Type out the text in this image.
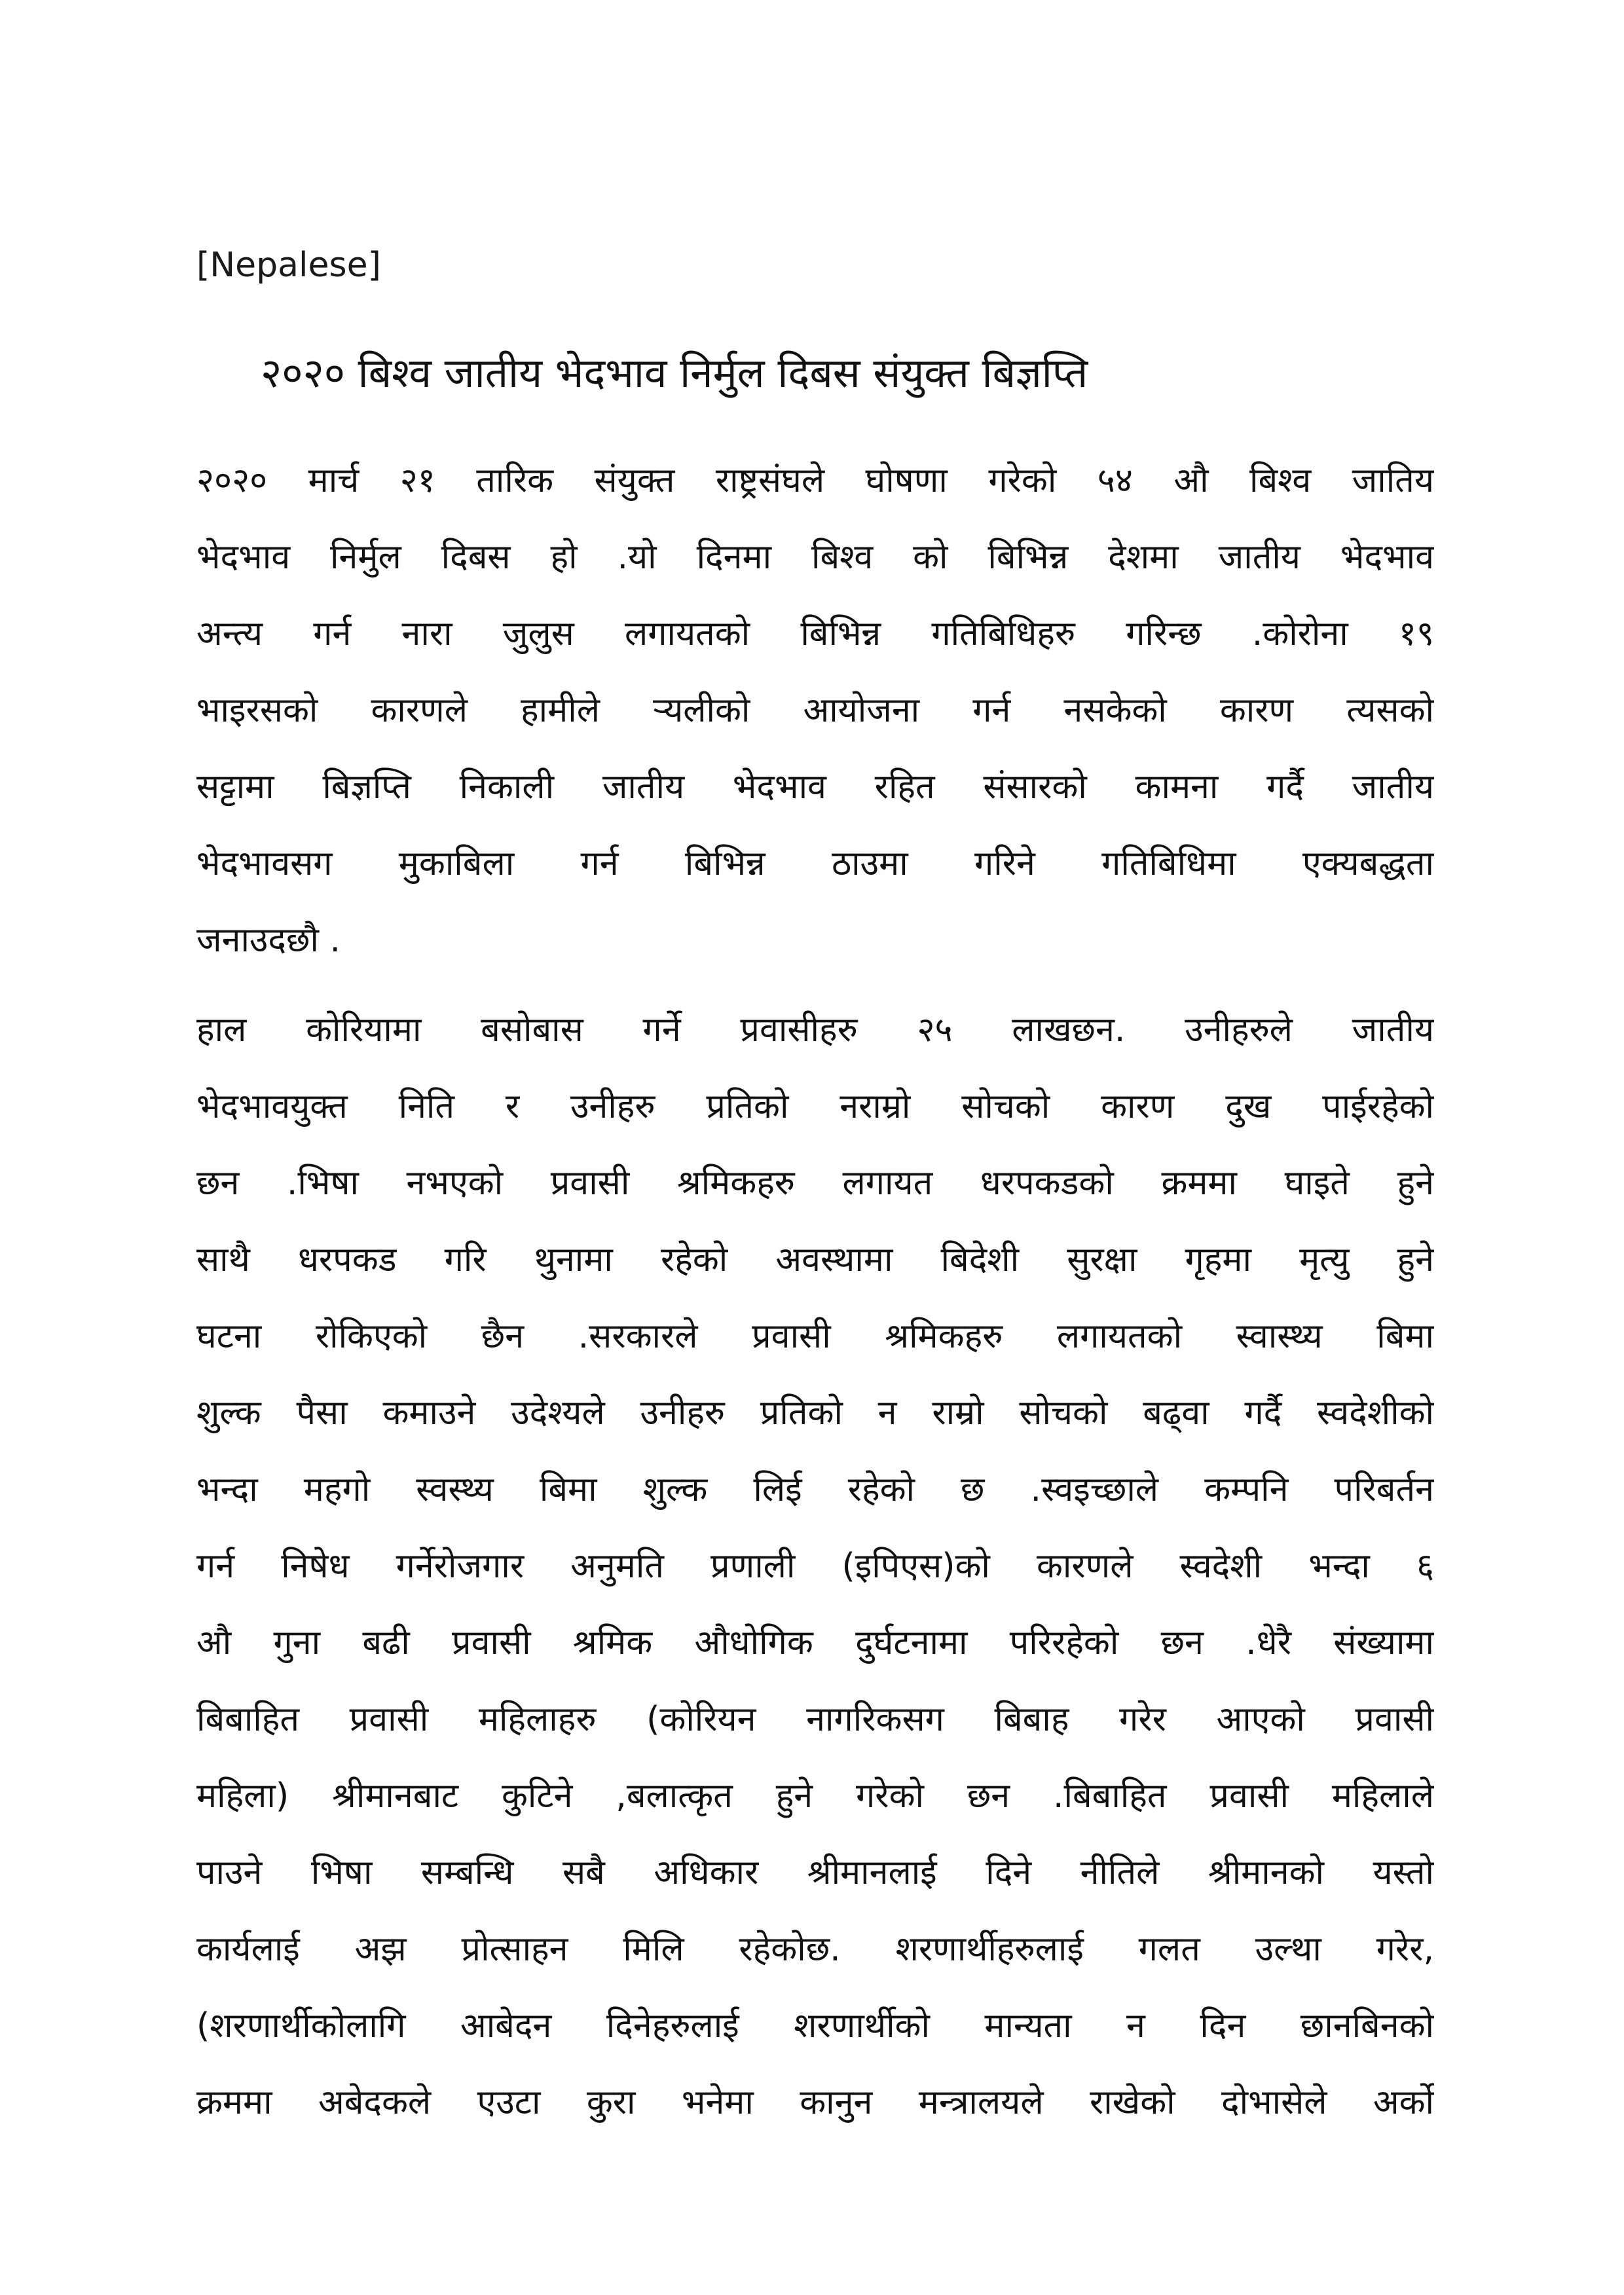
[Nepalese]
२०२० बिश्व जातीय भेदभाव निर्मुल दिबस संयुक्त बिज्ञप्ति
२०२० मार्च २१ तारिक संयुक्त राष्ट्रसंघले घोषणा गरेको ५४ औ बिश्व जातिय
भेदभाव निर्मुल दिबस हो .यो दिनमा बिश्व को बिभिन्न देशमा जातीय भेदभाव
अन्त्य गर्न नारा जुलुस लगायतको बिभिन्न गतिबिधिहरु गरिन्छ .कोरोना १९
भाइरसको कारणले हामीले र्‍यलीको आयोजना गर्न नसकेको कारण त्यसको
सट्टामा बिज्ञप्ति निकाली जातीय भेदभाव रहित संसारको कामना गर्दै जातीय
भेदभावसग मुकाबिला गर्न बिभिन्न ठाउमा गरिने गतिबिधिमा एक्यबद्धता
जनाउदछौ .
हाल कोरियामा बसोबास गर्ने प्रवासीहरु २५ लाखछन. उनीहरुले जातीय
भेदभावयुक्त निति र उनीहरु प्रतिको नराम्रो सोचको कारण दुख पाईरहेको
छन .भिषा नभएको प्रवासी श्रमिकहरु लगायत धरपकडको क्रममा घाइते हुने
साथै धरपकड गरि थुनामा रहेको अवस्थामा बिदेशी सुरक्षा गृहमा मृत्यु हुने
घटना रोकिएको छैन .सरकारले प्रवासी श्रमिकहरु लगायतको स्वास्थ्य बिमा
शुल्क पैसा कमाउने उदेश्यले उनीहरु प्रतिको न राम्रो सोचको बढ्वा गर्दै स्वदेशीको
भन्दा महगो स्वस्थ्य बिमा शुल्क लिई रहेको छ .स्वइच्छाले कम्पनि परिबर्तन
गर्न निषेध गर्नेरोजगार अनुमति प्रणाली (इपिएस)को कारणले स्वदेशी भन्दा ६
औ गुना बढी प्रवासी श्रमिक औधोगिक दुर्घटनामा परिरहेको छन .धेरै संख्यामा
बिबाहित प्रवासी महिलाहरु (कोरियन नागरिकसग बिबाह गरेर आएको प्रवासी
महिला) श्रीमानबाट कुटिने ,बलात्कृत हुने गरेको छन .बिबाहित प्रवासी महिलाले
पाउने भिषा सम्बन्धि सबै अधिकार श्रीमानलाई दिने नीतिले श्रीमानको यस्तो
कार्यलाई अझ प्रोत्साहन मिलि रहेकोछ. शरणार्थीहरुलाई गलत उल्था गरेर,
(शरणार्थीकोलागि आबेदन दिनेहरुलाई शरणार्थीको मान्यता न दिन छानबिनको
क्रममा अबेदकले एउटा कुरा भनेमा कानुन मन्त्रालयले राखेको दोभासेले अर्को
